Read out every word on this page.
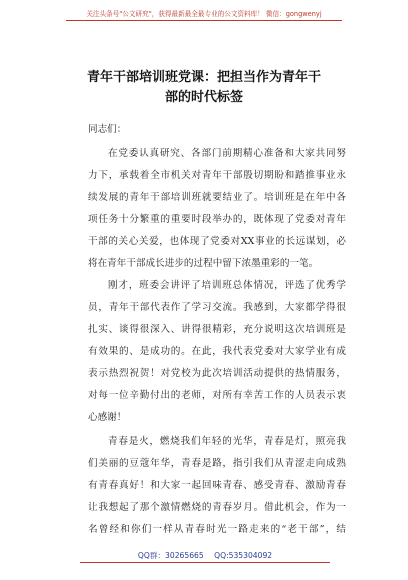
关注头条号"公文研究"，获得最新最全最专业的公文资料库！ 微信：gongwenyj
青年干部培训班党课：把担当作为青年干
部的时代标签
同志们：
在党委认真研究、各部门前期精心准备和大家共同努
力下，承载着全市机关对青年干部殷切期盼和踏推事业永
续发展的青年干部培训班就要结业了。培训班是在年中各
项任务十分繁重的重要时段举办的，既体现了党委对青年
干部的关心关爱，也体现了党委对XX事业的长远谋划，必
将在青年干部成长进步的过程中留下浓墨重彩的一笔。
刚才，班委会讲评了培训班总体情况，评选了优秀学
员，青年干部代表作了学习交流。我感到，大家都学得很
扎实、谈得很深入、讲得很精彩，充分说明这次培训班是
有效果的、是成功的。在此，我代表党委对大家学业有成
表示热烈祝贺！对党校为此次培训活动提供的热情服务，
对每一位辛勤付出的老师，对所有幸苦工作的人员表示衷
心感谢！
青春是火，燃烧我们年轻的光华，青春是灯，照亮我
们美丽的豆蔻年华，青春是路，指引我们从青涩走向成熟
有青春真好！和大家一起回味青春、感受青春、激励青春
让我想起了那个激情燃烧的青春岁月。借此机会，作为一
名曾经和你们一样从青春时光一路走来的“老干部”，结
QQ群：30265665 QQ:535304092
